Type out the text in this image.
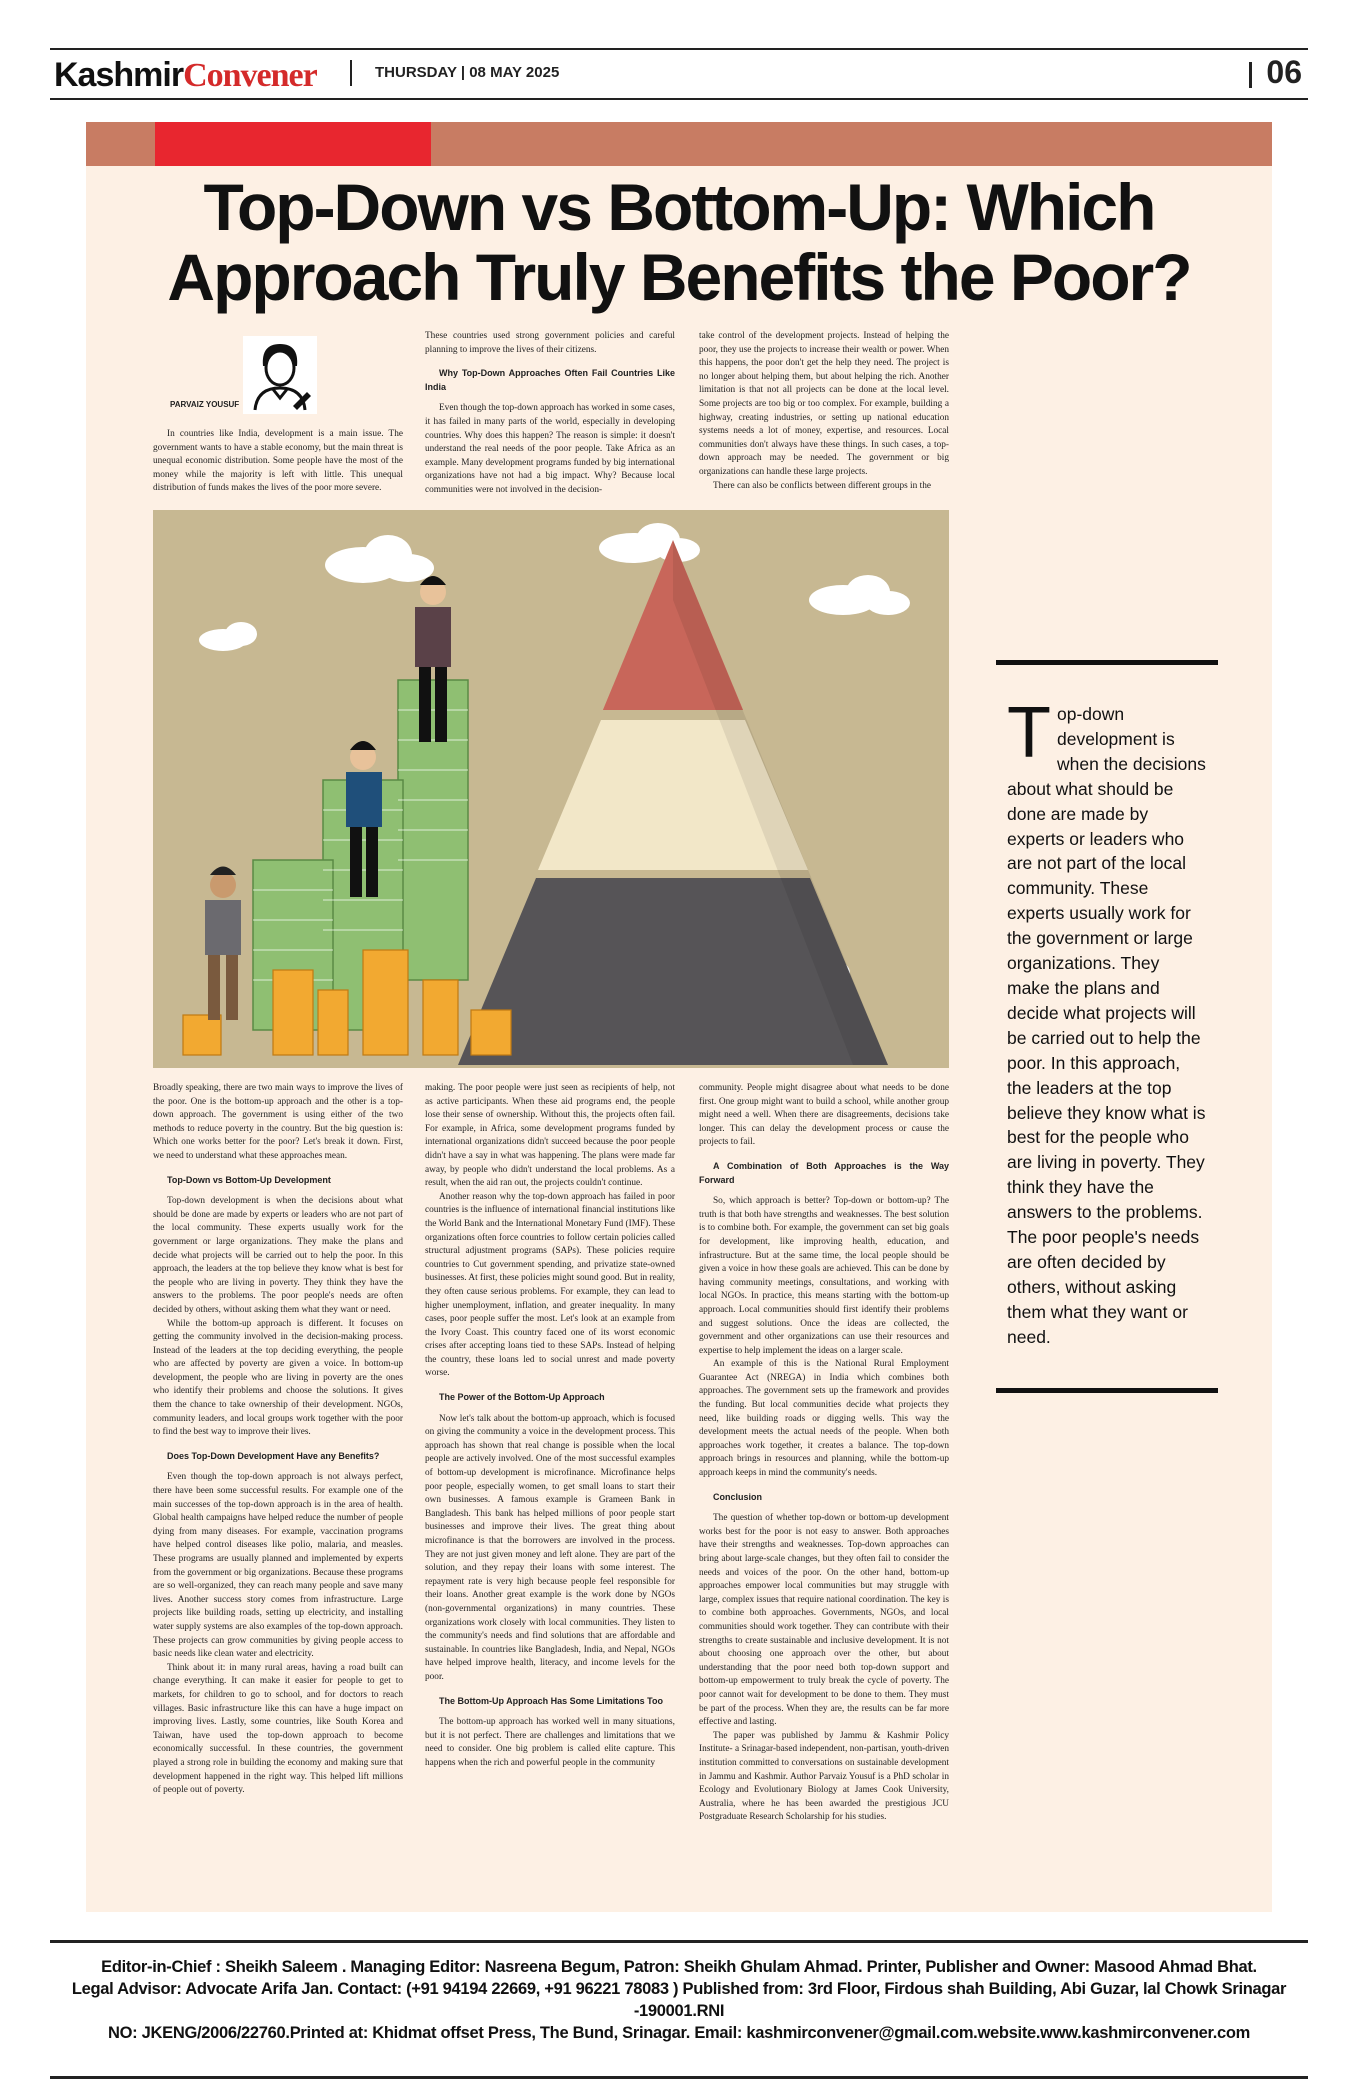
KashmirConvener	THURSDAY | 08 MAY 2025	06
Top-Down vs Bottom-Up: Which
Approach Truly Benefits the Poor?
PARVAIZ YOUSUF

In countries like India, development is a main issue. The government wants to have a stable economy, but the main threat is unequal economic distribution. Some people have the most of the money while the majority is left with little. This unequal distribution of funds makes the lives of the poor more severe.

These countries used strong government policies and careful planning to improve the lives of their citizens.

Why Top-Down Approaches Often Fail Countries Like India

Even though the top-down approach has worked in some cases, it has failed in many parts of the world, especially in developing countries. Why does this happen? The reason is simple: it doesn't understand the real needs of the poor people. Take Africa as an example. Many development programs funded by big international organizations have not had a big impact. Why? Because local communities were not involved in the decision-

take control of the development projects. Instead of helping the poor, they use the projects to increase their wealth or power. When this happens, the poor don't get the help they need. The project is no longer about helping them, but about helping the rich. Another limitation is that not all projects can be done at the local level. Some projects are too big or too complex. For example, building a highway, creating industries, or setting up national education systems needs a lot of money, expertise, and resources. Local communities don't always have these things. In such cases, a top-down approach may be needed. The government or big organizations can handle these large projects.

There can also be conflicts between different groups in the

Broadly speaking, there are two main ways to improve the lives of the poor. One is the bottom-up approach and the other is a top-down approach. The government is using either of the two methods to reduce poverty in the country. But the big question is: Which one works better for the poor? Let's break it down. First, we need to understand what these approaches mean.

Top-Down vs Bottom-Up Development

Top-down development is when the decisions about what should be done are made by experts or leaders who are not part of the local community. These experts usually work for the government or large organizations. They make the plans and decide what projects will be carried out to help the poor. In this approach, the leaders at the top believe they know what is best for the people who are living in poverty. They think they have the answers to the problems. The poor people's needs are often decided by others, without asking them what they want or need.

While the bottom-up approach is different. It focuses on getting the community involved in the decision-making process. Instead of the leaders at the top deciding everything, the people who are affected by poverty are given a voice. In bottom-up development, the people who are living in poverty are the ones who identify their problems and choose the solutions. It gives them the chance to take ownership of their development. NGOs, community leaders, and local groups work together with the poor to find the best way to improve their lives.

Does Top-Down Development Have any Benefits?

Even though the top-down approach is not always perfect, there have been some successful results. For example one of the main successes of the top-down approach is in the area of health. Global health campaigns have helped reduce the number of people dying from many diseases. For example, vaccination programs have helped control diseases like polio, malaria, and measles. These programs are usually planned and implemented by experts from the government or big organizations. Because these programs are so well-organized, they can reach many people and save many lives. Another success story comes from infrastructure. Large projects like building roads, setting up electricity, and installing water supply systems are also examples of the top-down approach. These projects can grow communities by giving people access to basic needs like clean water and electricity.

Think about it: in many rural areas, having a road built can change everything. It can make it easier for people to get to markets, for children to go to school, and for doctors to reach villages. Basic infrastructure like this can have a huge impact on improving lives. Lastly, some countries, like South Korea and Taiwan, have used the top-down approach to become economically successful. In these countries, the government played a strong role in building the economy and making sure that development happened in the right way. This helped lift millions of people out of poverty.

making. The poor people were just seen as recipients of help, not as active participants. When these aid programs end, the people lose their sense of ownership. Without this, the projects often fail. For example, in Africa, some development programs funded by international organizations didn't succeed because the poor people didn't have a say in what was happening. The plans were made far away, by people who didn't understand the local problems. As a result, when the aid ran out, the projects couldn't continue.

Another reason why the top-down approach has failed in poor countries is the influence of international financial institutions like the World Bank and the International Monetary Fund (IMF). These organizations often force countries to follow certain policies called structural adjustment programs (SAPs). These policies require countries to Cut government spending, and privatize state-owned businesses. At first, these policies might sound good. But in reality, they often cause serious problems. For example, they can lead to higher unemployment, inflation, and greater inequality. In many cases, poor people suffer the most. Let's look at an example from the Ivory Coast. This country faced one of its worst economic crises after accepting loans tied to these SAPs. Instead of helping the country, these loans led to social unrest and made poverty worse.

The Power of the Bottom-Up Approach

Now let's talk about the bottom-up approach, which is focused on giving the community a voice in the development process. This approach has shown that real change is possible when the local people are actively involved. One of the most successful examples of bottom-up development is microfinance. Microfinance helps poor people, especially women, to get small loans to start their own businesses. A famous example is Grameen Bank in Bangladesh. This bank has helped millions of poor people start businesses and improve their lives. The great thing about microfinance is that the borrowers are involved in the process. They are not just given money and left alone. They are part of the solution, and they repay their loans with some interest. The repayment rate is very high because people feel responsible for their loans. Another great example is the work done by NGOs (non-governmental organizations) in many countries. These organizations work closely with local communities. They listen to the community's needs and find solutions that are affordable and sustainable. In countries like Bangladesh, India, and Nepal, NGOs have helped improve health, literacy, and income levels for the poor.

The Bottom-Up Approach Has Some Limitations Too

The bottom-up approach has worked well in many situations, but it is not perfect. There are challenges and limitations that we need to consider. One big problem is called elite capture. This happens when the rich and powerful people in the community

community. People might disagree about what needs to be done first. One group might want to build a school, while another group might need a well. When there are disagreements, decisions take longer. This can delay the development process or cause the projects to fail.

A Combination of Both Approaches is the Way Forward

So, which approach is better? Top-down or bottom-up? The truth is that both have strengths and weaknesses. The best solution is to combine both. For example, the government can set big goals for development, like improving health, education, and infrastructure. But at the same time, the local people should be given a voice in how these goals are achieved. This can be done by having community meetings, consultations, and working with local NGOs. In practice, this means starting with the bottom-up approach. Local communities should first identify their problems and suggest solutions. Once the ideas are collected, the government and other organizations can use their resources and expertise to help implement the ideas on a larger scale.

An example of this is the National Rural Employment Guarantee Act (NREGA) in India which combines both approaches. The government sets up the framework and provides the funding. But local communities decide what projects they need, like building roads or digging wells. This way the development meets the actual needs of the people. When both approaches work together, it creates a balance. The top-down approach brings in resources and planning, while the bottom-up approach keeps in mind the community's needs.

Conclusion

The question of whether top-down or bottom-up development works best for the poor is not easy to answer. Both approaches have their strengths and weaknesses. Top-down approaches can bring about large-scale changes, but they often fail to consider the needs and voices of the poor. On the other hand, bottom-up approaches empower local communities but may struggle with large, complex issues that require national coordination. The key is to combine both approaches. Governments, NGOs, and local communities should work together. They can contribute with their strengths to create sustainable and inclusive development. It is not about choosing one approach over the other, but about understanding that the poor need both top-down support and bottom-up empowerment to truly break the cycle of poverty. The poor cannot wait for development to be done to them. They must be part of the process. When they are, the results can be far more effective and lasting.

The paper was published by Jammu & Kashmir Policy Institute- a Srinagar-based independent, non-partisan, youth-driven institution committed to conversations on sustainable development in Jammu and Kashmir. Author Parvaiz Yousuf is a PhD scholar in Ecology and Evolutionary Biology at James Cook University, Australia, where he has been awarded the prestigious JCU Postgraduate Research Scholarship for his studies.

Top-down development is when the decisions about what should be done are made by experts or leaders who are not part of the local community. These experts usually work for the government or large organizations. They make the plans and decide what projects will be carried out to help the poor. In this approach, the leaders at the top believe they know what is best for the people who are living in poverty. They think they have the answers to the problems. The poor people's needs are often decided by others, without asking them what they want or need.
Editor-in-Chief : Sheikh Saleem . Managing Editor: Nasreena Begum, Patron: Sheikh Ghulam Ahmad. Printer, Publisher and Owner: Masood Ahmad Bhat.
Legal Advisor: Advocate Arifa Jan. Contact: (+91 94194 22669, +91 96221 78083 ) Published from: 3rd Floor, Firdous shah Building, Abi Guzar, lal Chowk Srinagar -190001.RNI
NO: JKENG/2006/22760.Printed at: Khidmat offset Press, The Bund, Srinagar. Email: kashmirconvener@gmail.com.website.www.kashmirconvener.com
